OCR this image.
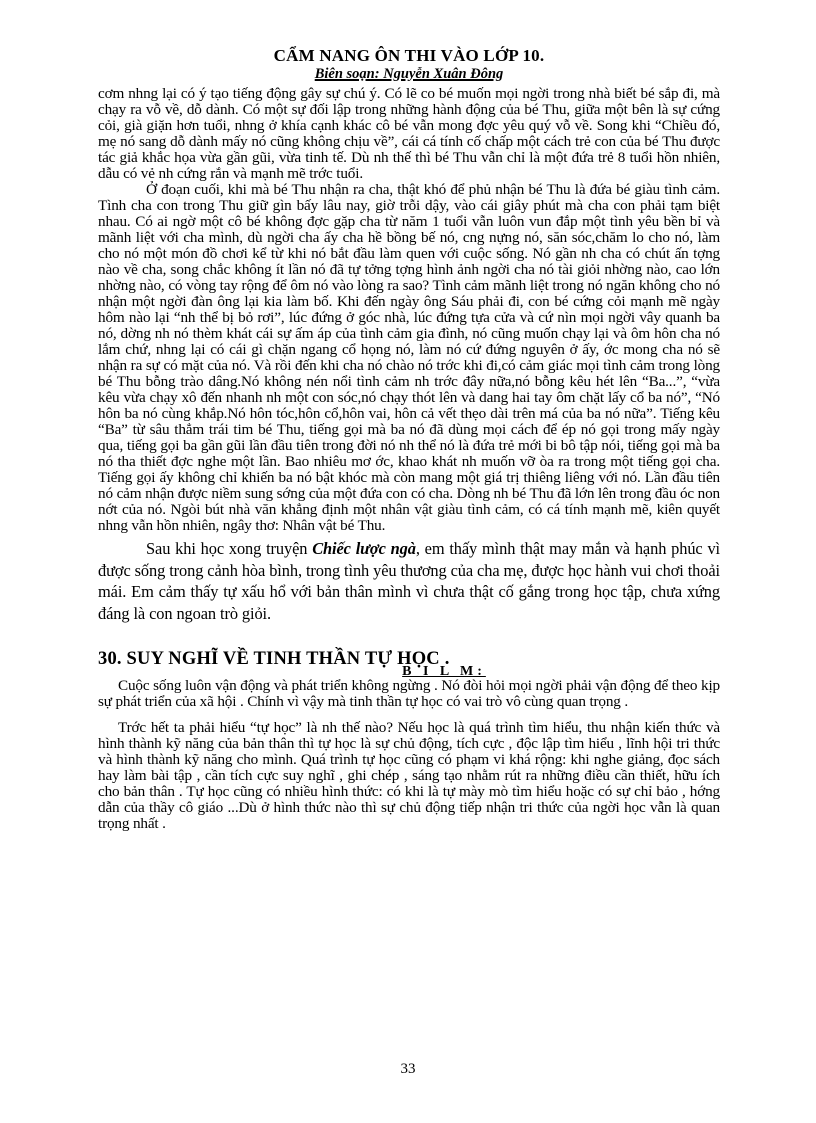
CẨM NANG ÔN THI VÀO LỚP 10.
Biên soạn: Nguyễn Xuân Đông

cơm nhng lại có ý tạo tiếng động gây sự chú ý. Có lẽ co bé muốn mọi ngời trong nhà biết bé sắp đi, mà chạy ra vỗ về, dỗ dành. Có một sự đối lập trong những hành động của bé Thu, giữa một bên là sự cứng cỏi, già giặn hơn tuổi, nhng ở khía cạnh khác cô bé vẫn mong đợc yêu quý vỗ về. Song khi “Chiều đó, mẹ nó sang dỗ dành mấy nó cũng không chịu về”, cái cá tính cố chấp một cách trẻ con của bé Thu được tác giả khắc họa vừa gần gũi, vừa tinh tế. Dù nh thế thì bé Thu vẫn chỉ là một đứa trẻ 8 tuổi hồn nhiên, dẫu có vẻ nh cứng rắn và mạnh mẽ trớc tuổi.

Ở đoạn cuối, khi mà bé Thu nhận ra cha, thật khó để phủ nhận bé Thu là đứa bé giàu tình cảm. Tình cha con trong Thu giữ gìn bấy lâu nay, giờ trỗi dậy, vào cái giây phút mà cha con phải tạm biệt nhau. Có ai ngờ một cô bé không đợc gặp cha từ năm 1 tuổi vẫn luôn vun đắp một tình yêu bền bỉ và mãnh liệt với cha mình, dù ngời cha ấy cha hề bồng bế nó, cng nựng nó, săn sóc,chăm lo cho nó, làm cho nó một món đồ chơi kể từ khi nó bắt đầu làm quen với cuộc sống. Nó gần nh cha có chút ấn tợng nào về cha, song chắc không ít lần nó đã tự tởng tợng hình ảnh ngời cha nó tài giỏi nhờng nào, cao lớn nhờng nào, có vòng tay rộng để ôm nó vào lòng ra sao? Tình cảm mãnh liệt trong nó ngăn không cho nó nhận một ngời đàn ông lại kia làm bố. Khi đến ngày ông Sáu phải đi, con bé cứng cỏi mạnh mẽ ngày hôm nào lại “nh thể bị bỏ rơi”, lúc đứng ở góc nhà, lúc đứng tựa cửa và cứ nìn mọi ngời vây quanh ba nó, dờng nh nó thèm khát cái sự ấm áp của tình cảm gia đình, nó cũng muốn chạy lại và ôm hôn cha nó lắm chứ, nhng lại có cái gì chặn ngang cổ họng nó, làm nó cứ đứng nguyên ở ấy, ớc mong cha nó sẽ nhận ra sự có mặt của nó. Và rồi đến khi cha nó chào nó trớc khi đi,có cảm giác mọi tình cảm trong lòng bé Thu bỗng trào dâng.Nó không nén nổi tình cảm nh trớc đây nữa,nó bỗng kêu hét lên “Ba...”, “vừa kêu vừa chạy xô đến nhanh nh một con sóc,nó chạy thót lên và dang hai tay ôm chặt lấy cổ ba nó”, “Nó hôn ba nó cùng khắp.Nó hôn tóc,hôn cổ,hôn vai, hôn cả vết thẹo dài trên má của ba nó nữa”. Tiếng kêu “Ba” từ sâu thẳm trái tim bé Thu, tiếng gọi mà ba nó đã dùng mọi cách để ép nó gọi trong mấy ngày qua, tiếng gọi ba gần gũi lần đầu tiên trong đời nó nh thể nó là đứa trẻ mới bi bô tập nói, tiếng gọi mà ba nó tha thiết đợc nghe một lần. Bao nhiêu mơ ớc, khao khát nh muốn vỡ òa ra trong một tiếng gọi cha. Tiếng gọi ấy không chỉ khiến ba nó bật khóc mà còn mang một giá trị thiêng liêng với nó. Lần đầu tiên nó cảm nhận được niềm sung sớng của một đứa con có cha. Dòng nh bé Thu đã lớn lên trong đầu óc non nớt của nó. Ngòi bút nhà văn khẳng định một nhân vật giàu tình cảm, có cá tính mạnh mẽ, kiên quyết nhng vẫn hồn nhiên, ngây thơ: Nhân vật bé Thu.

Sau khi học xong truyện Chiếc lược ngà, em thấy mình thật may mắn và hạnh phúc vì được sống trong cảnh hòa bình, trong tình yêu thương của cha mẹ, được học hành vui chơi thoải mái. Em cảm thấy tự xấu hổ với bản thân mình vì chưa thật cố gắng trong học tập, chưa xứng đáng là con ngoan trò giỏi.

30. SUY NGHĨ VỀ TINH THẦN TỰ HỌC .
B I L M:

Cuộc sống luôn vận động và phát triển không ngừng . Nó đòi hỏi mọi ngời phải vận động để theo kịp sự phát triển của xã hội . Chính vì vậy mà tinh thần tự học có vai trò vô cùng quan trọng .

Trớc hết ta phải hiểu “tự học” là nh thế nào? Nếu học là quá trình tìm hiểu, thu nhận kiến thức và hình thành kỹ năng của bản thân thì tự học là sự chủ động, tích cực , độc lập tìm hiểu , lĩnh hội tri thức và hình thành kỹ năng cho mình. Quá trình tự học cũng có phạm vi khá rộng: khi nghe giảng, đọc sách hay làm bài tập , cần tích cực suy nghĩ , ghi chép , sáng tạo nhằm rút ra những điều cần thiết, hữu ích cho bản thân . Tự học cũng có nhiều hình thức: có khi là tự mày mò tìm hiểu hoặc có sự chỉ bảo , hớng dẫn của thầy cô giáo ...Dù ở hình thức nào thì sự chủ động tiếp nhận tri thức của ngời học vẫn là quan trọng nhất .

33
